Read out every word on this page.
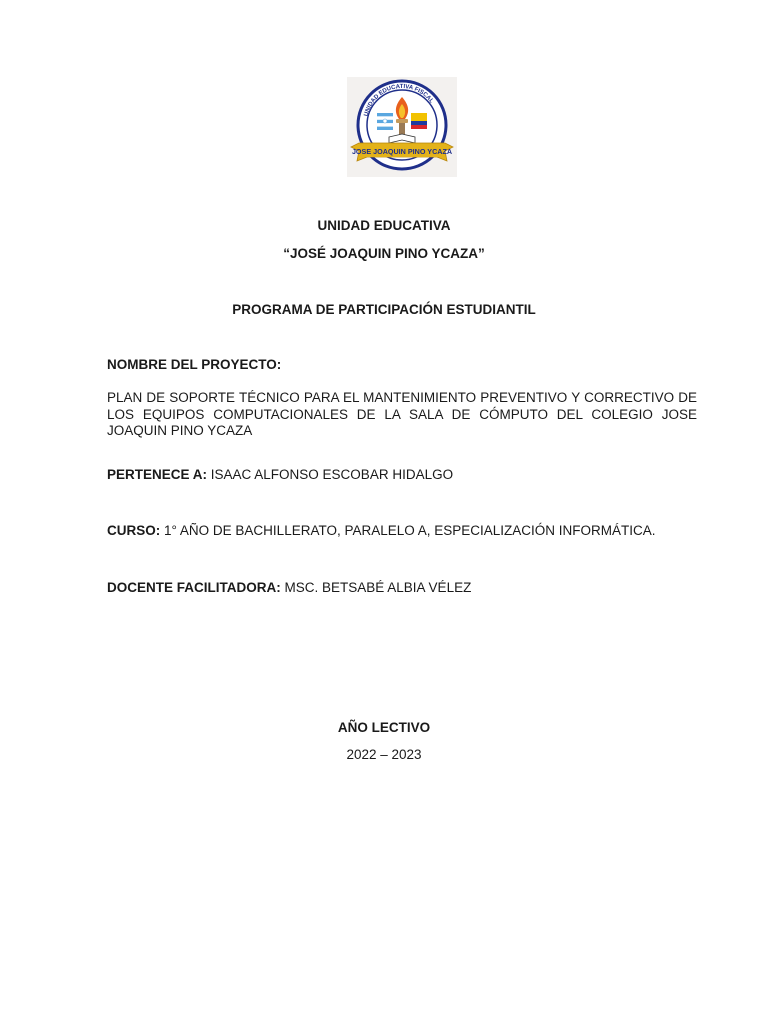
UNIDAD EDUCATIVA FISCAL
JOSE JOAQUIN PINO YCAZA
UNIDAD EDUCATIVA
“JOSÉ JOAQUIN PINO YCAZA”
PROGRAMA DE PARTICIPACIÓN ESTUDIANTIL
NOMBRE DEL PROYECTO:
PLAN DE SOPORTE TÉCNICO PARA EL MANTENIMIENTO PREVENTIVO Y CORRECTIVO DE LOS EQUIPOS COMPUTACIONALES DE LA SALA DE CÓMPUTO DEL COLEGIO JOSE JOAQUIN PINO YCAZA
PERTENECE A: ISAAC ALFONSO ESCOBAR HIDALGO
CURSO: 1° AÑO DE BACHILLERATO, PARALELO A, ESPECIALIZACIÓN INFORMÁTICA.
DOCENTE FACILITADORA: MSC. BETSABÉ ALBIA VÉLEZ
AÑO LECTIVO
2022 – 2023
